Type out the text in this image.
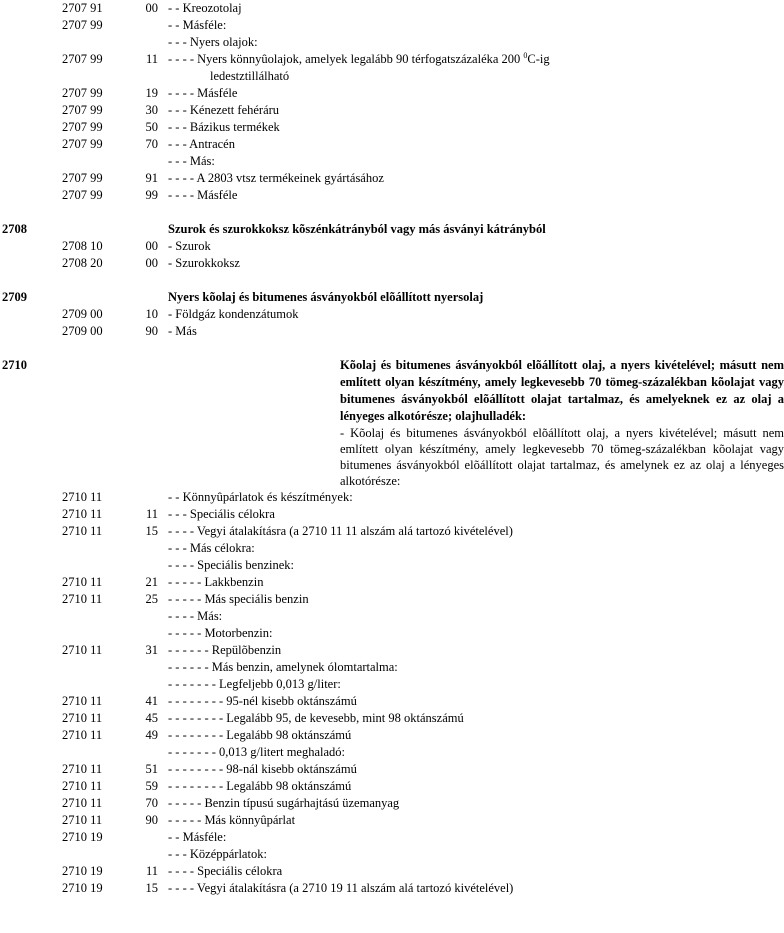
2707 91	00 - - Kreozotolaj
2707 99	- - Másféle:
- - - Nyers olajok:
2707 99	11 - - - - Nyers könnyûolajok, amelyek legalább 90 térfogatszázaléka 200 $^0$C-ig
ledestztillálható
2707 99	19 - - - - Másféle
2707 99	30 - - - Kénezett fehéráru
2707 99	50 - - - Bázikus termékek
2707 99	70 - - - Antracén
- - - Más:
2707 99	91 - - - - A 2803 vtsz termékeinek gyártásához
2707 99	99 - - - - Másféle
2708	Szurok és szurokkoksz kõszénkátrányból vagy más ásványi kátrányból
2708 10	00 - Szurok
2708 20	00 - Szurokkoksz
2709	Nyers kõolaj és bitumenes ásványokból elõállított nyersolaj
2709 00	10 - Földgáz kondenzátumok
2709 00	90 - Más
2710	Kõolaj és bitumenes ásványokból elõállított olaj, a nyers kivételével; másutt nem említett olyan készítmény, amely legkevesebb 70 tömeg-százalékban kõolajat vagy bitumenes ásványokból elõállított olajat tartalmaz, és amelyeknek ez az olaj a lényeges alkotórésze; olajhulladék:
- Kõolaj és bitumenes ásványokból elõállított olaj, a nyers kivételével; másutt nem említett olyan készítmény, amely legkevesebb 70 tömeg-százalékban kõolajat vagy bitumenes ásványokból elõállított olajat tartalmaz, és amelynek ez az olaj a lényeges alkotórésze:
2710 11	- - Könnyûpárlatok és készítmények:
2710 11	11 - - - Speciális célokra
2710 11	15 - - - - Vegyi átalakításra (a 2710 11 11 alszám alá tartozó kivételével)
- - - Más célokra:
- - - - Speciális benzinek:
2710 11	21 - - - - - Lakkbenzin
2710 11	25 - - - - - Más speciális benzin
- - - - Más:
- - - - - Motorbenzin:
2710 11	31 - - - - - - Repülõbenzin
- - - - - - Más benzin, amelynek ólomtartalma:
- - - - - - - Legfeljebb 0,013 g/liter:
2710 11	41 - - - - - - - - 95-nél kisebb oktánszámú
2710 11	45 - - - - - - - - Legalább 95, de kevesebb, mint 98 oktánszámú
2710 11	49 - - - - - - - - Legalább 98 oktánszámú
- - - - - - - 0,013 g/litert meghaladó:
2710 11	51 - - - - - - - - 98-nál kisebb oktánszámú
2710 11	59 - - - - - - - - Legalább 98 oktánszámú
2710 11	70 - - - - - Benzin típusú sugárhajtású üzemanyag
2710 11	90 - - - - - Más könnyûpárlat
2710 19	- - Másféle:
- - - Középpárlatok:
2710 19	11 - - - - Speciális célokra
2710 19	15 - - - - Vegyi átalakításra (a 2710 19 11 alszám alá tartozó kivételével)
